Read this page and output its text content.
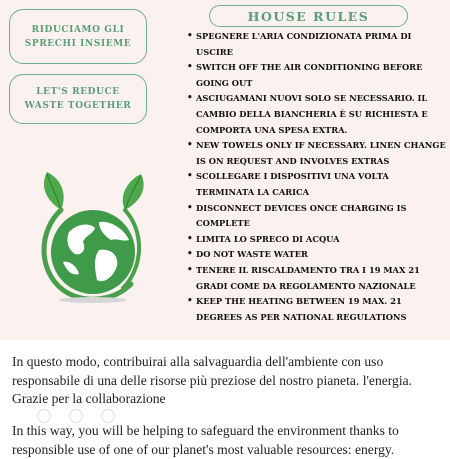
RIDUCIAMO GLI SPRECHI INSIEME
LET'S REDUCE WASTE TOGETHER
HOUSE RULES
• SPEGNERE L'ARIA CONDIZIONATA PRIMA DI USCIRE
• SWITCH OFF THE AIR CONDITIONING BEFORE GOING OUT
• ASCIUGAMANI NUOVI SOLO SE NECESSARIO. IL CAMBIO DELLA BIANCHERIA È SU RICHIESTA E COMPORTA UNA SPESA EXTRA.
• NEW TOWELS ONLY IF NECESSARY. LINEN CHANGE IS ON REQUEST AND INVOLVES EXTRAS
• SCOLLEGARE I DISPOSITIVI UNA VOLTA TERMINATA LA CARICA
• DISCONNECT DEVICES ONCE CHARGING IS COMPLETE
• LIMITA LO SPRECO DI ACQUA
• DO NOT WASTE WATER
• TENERE IL RISCALDAMENTO TRA I 19 MAX 21 GRADI COME DA REGOLAMENTO NAZIONALE
• KEEP THE HEATING BETWEEN 19 MAX. 21 DEGREES AS PER NATIONAL REGULATIONS

In questo modo, contribuirai alla salvaguardia dell'ambiente con uso responsabile di una delle risorse più preziose del nostro pianeta. l'energia. Grazie per la collaborazione

In this way, you will be helping to safeguard the environment thanks to responsible use of one of our planet's most valuable resources: energy.
